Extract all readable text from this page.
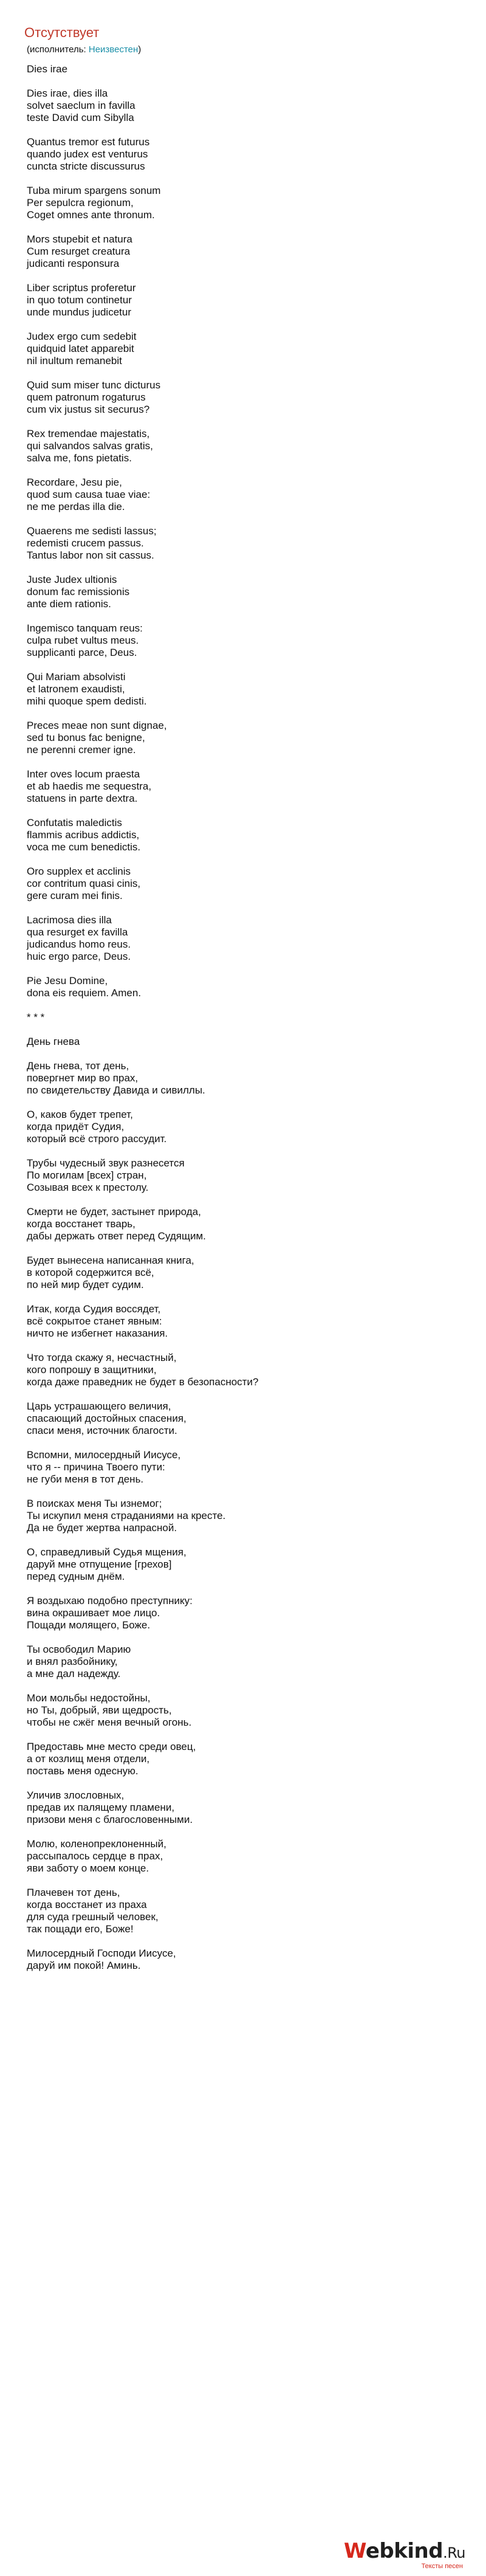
Отсутствует
(исполнитель: Неизвестен)

Dies irae

Dies irae, dies illa
solvet saeclum in favilla
teste David cum Sibylla

Quantus tremor est futurus
quando judex est venturus
cuncta stricte discussurus

Tuba mirum spargens sonum
Per sepulcra regionum,
Coget omnes ante thronum.

Mors stupebit et natura
Cum resurget creatura
judicanti responsura

Liber scriptus proferetur
in quo totum continetur
unde mundus judicetur

Judex ergo cum sedebit
quidquid latet apparebit
nil inultum remanebit

Quid sum miser tunc dicturus
quem patronum rogaturus
cum vix justus sit securus?

Rex tremendae majestatis,
qui salvandos salvas gratis,
salva me, fons pietatis.

Recordare, Jesu pie,
quod sum causa tuae viae:
ne me perdas illa die.

Quaerens me sedisti lassus;
redemisti crucem passus.
Tantus labor non sit cassus.

Juste Judex ultionis
donum fac remissionis
ante diem rationis.

Ingemisco tanquam reus:
culpa rubet vultus meus.
supplicanti parce, Deus.

Qui Mariam absolvisti
et latronem exaudisti,
mihi quoque spem dedisti.

Preces meae non sunt dignae,
sed tu bonus fac benigne,
ne perenni cremer igne.

Inter oves locum praesta
et ab haedis me sequestra,
statuens in parte dextra.

Confutatis maledictis
flammis acribus addictis,
voca me cum benedictis.

Oro supplex et acclinis
cor contritum quasi cinis,
gere curam mei finis.

Lacrimosa dies illa
qua resurget ex favilla
judicandus homo reus.
huic ergo parce, Deus.

Pie Jesu Domine,
dona eis requiem. Amen.

* * *

День гнева

День гнева, тот день,
повергнет мир во прах,
по свидетельству Давида и сивиллы.

О, каков будет трепет,
когда придёт Судия,
который всё строго рассудит.

Трубы чудесный звук разнесется
По могилам [всех] стран,
Созывая всех к престолу.

Смерти не будет, застынет природа,
когда восстанет тварь,
дабы держать ответ перед Судящим.

Будет вынесена написанная книга,
в которой содержится всё,
по ней мир будет судим.

Итак, когда Судия воссядет,
всё сокрытое станет явным:
ничто не избегнет наказания.

Что тогда скажу я, несчастный,
кого попрошу в защитники,
когда даже праведник не будет в безопасности?

Царь устрашающего величия,
спасающий достойных спасения,
спаси меня, источник благости.

Вспомни, милосердный Иисусе,
что я -- причина Твоего пути:
не губи меня в тот день.

В поисках меня Ты изнемог;
Ты искупил меня страданиями на кресте.
Да не будет жертва напрасной.

О, справедливый Судья мщения,
даруй мне отпущение [грехов]
перед судным днём.

Я воздыхаю подобно преступнику:
вина окрашивает мое лицо.
Пощади молящего, Боже.

Ты освободил Марию
и внял разбойнику,
а мне дал надежду.

Мои мольбы недостойны,
но Ты, добрый, яви щедрость,
чтобы не сжёг меня вечный огонь.

Предоставь мне место среди овец,
а от козлищ меня отдели,
поставь меня одесную.

Уличив злословных,
предав их палящему пламени,
призови меня с благословенными.

Молю, коленопреклоненный,
рассыпалось сердце в прах,
яви заботу о моем конце.

Плачевен тот день,
когда восстанет из праха
для суда грешный человек,
так пощади его, Боже!

Милосердный Господи Иисусе,
даруй им покой! Аминь.

Webkind.Ru
Тексты песен
